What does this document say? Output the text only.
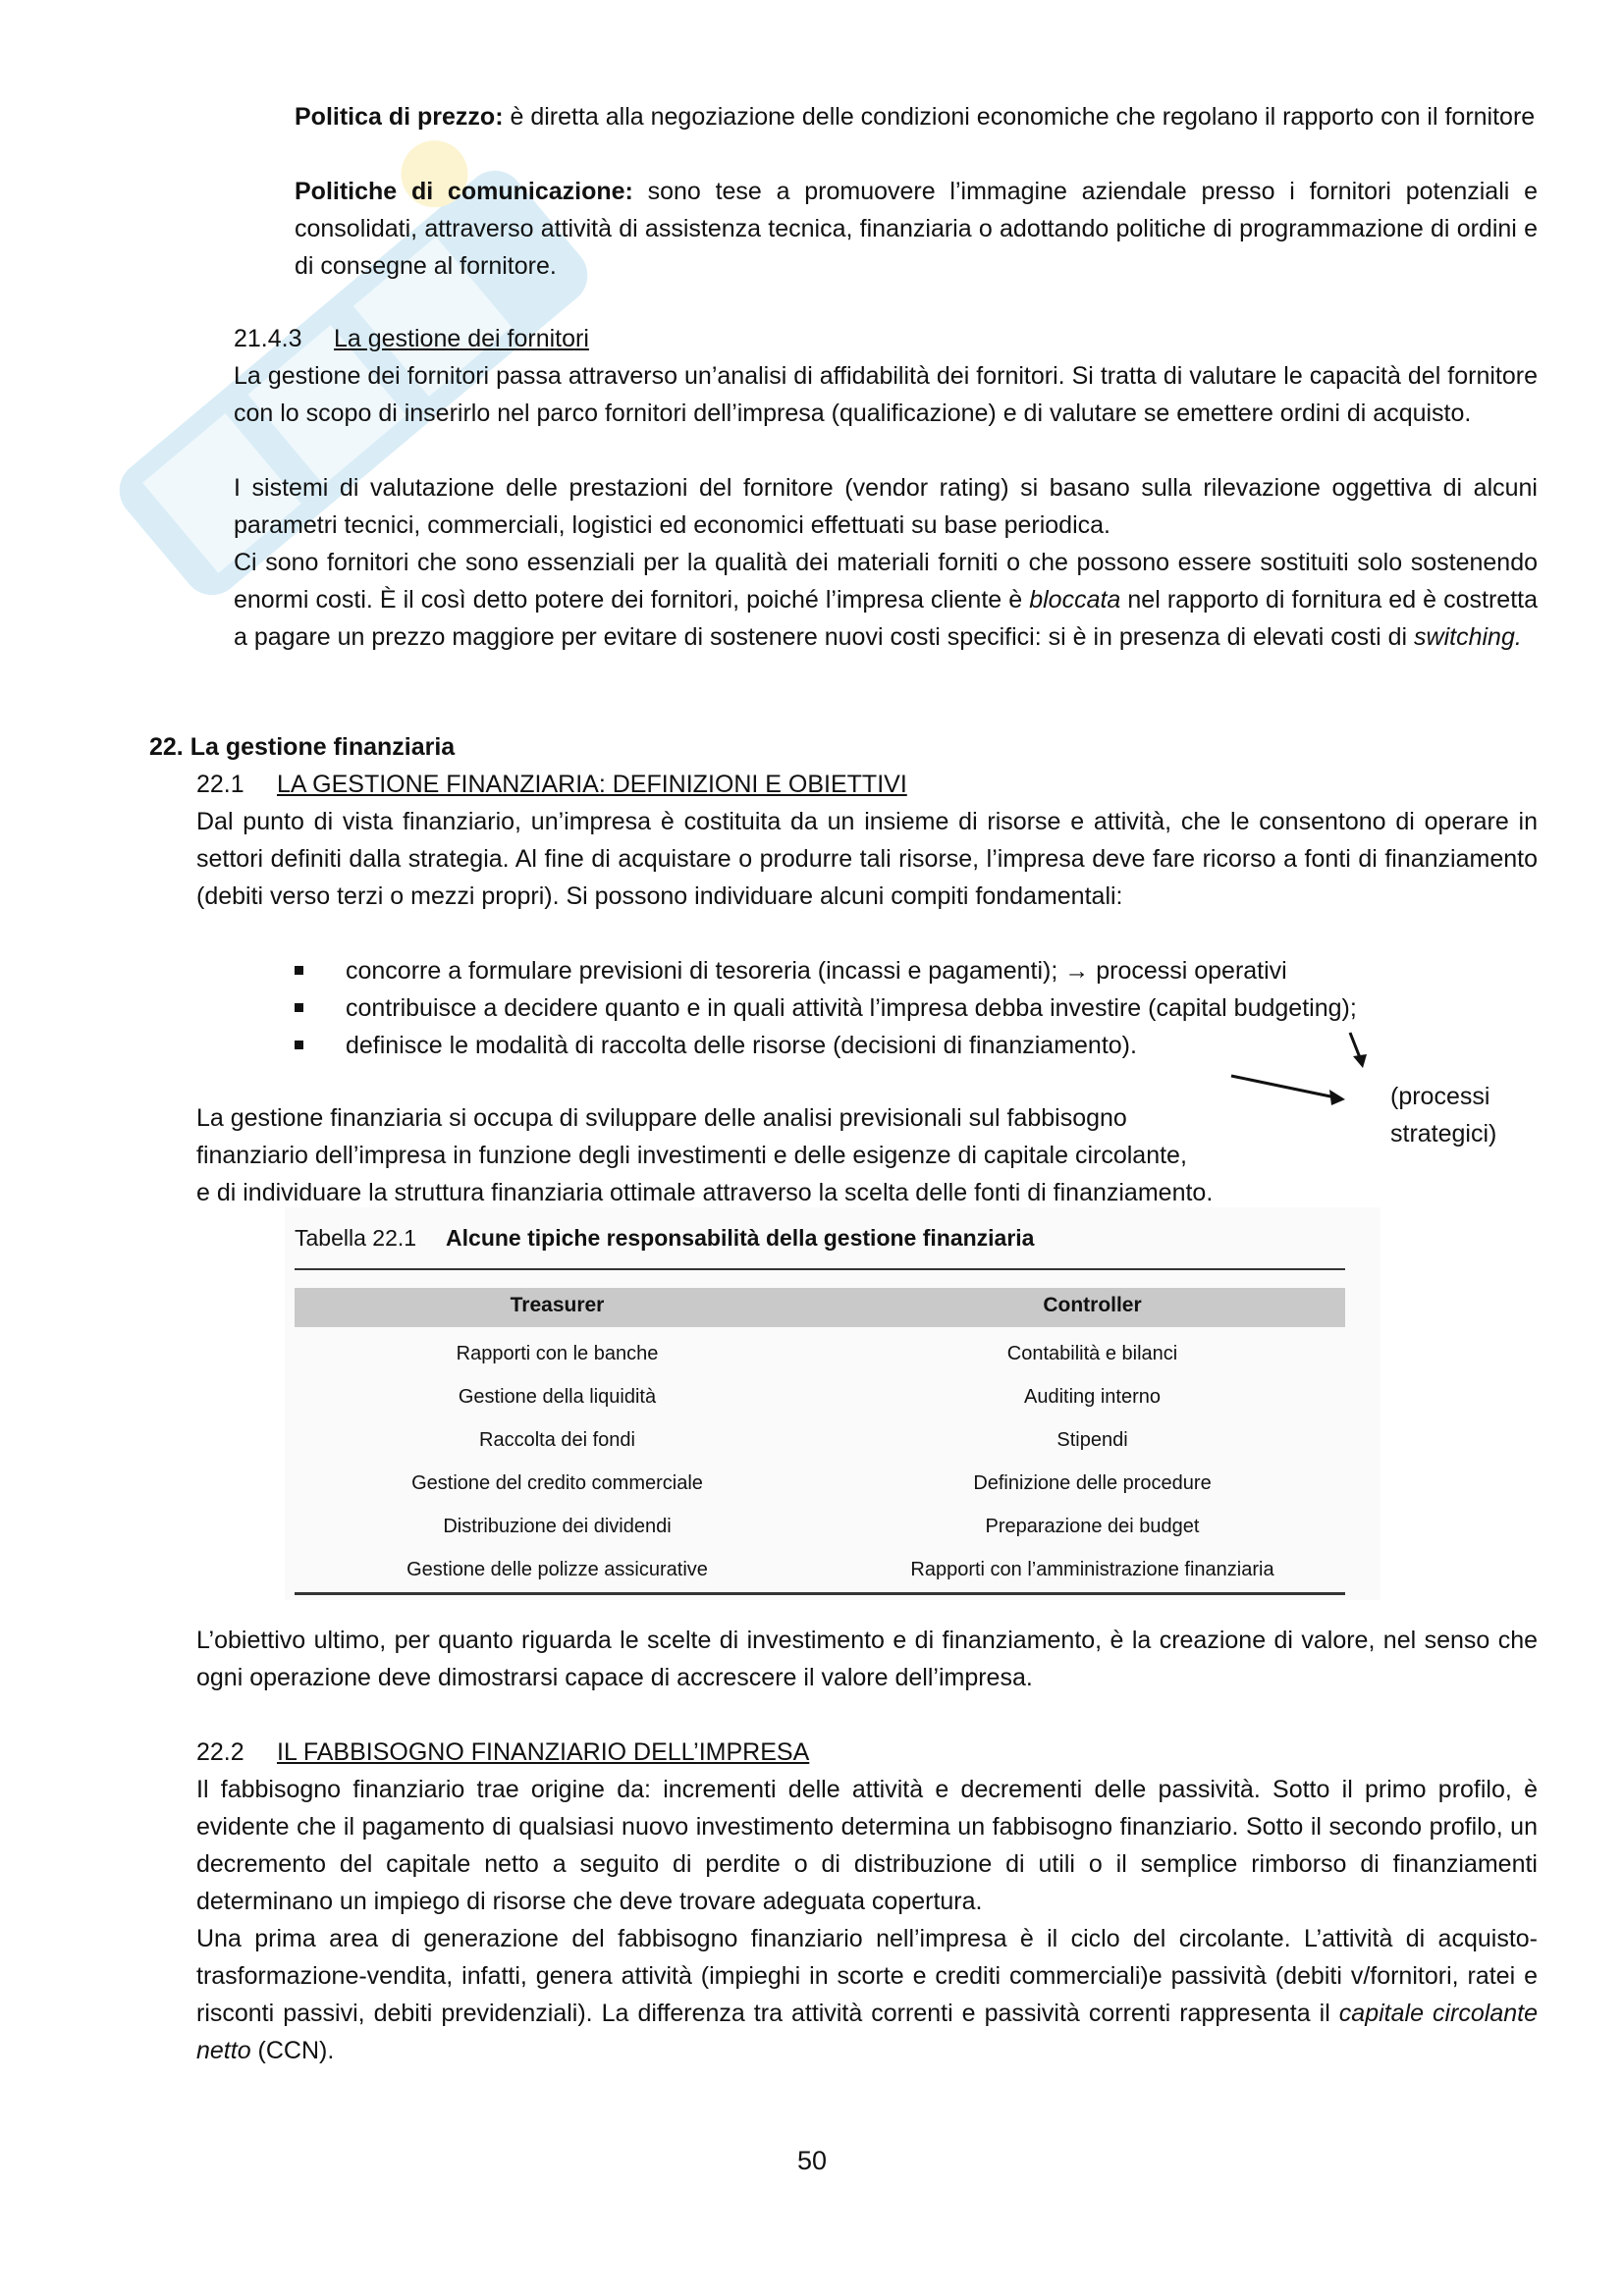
Politica di prezzo: è diretta alla negoziazione delle condizioni economiche che regolano il rapporto con il fornitore
Politiche di comunicazione: sono tese a promuovere l’immagine aziendale presso i fornitori potenziali e consolidati, attraverso attività di assistenza tecnica, finanziaria o adottando politiche di programmazione di ordini e di consegne al fornitore.
21.4.3 La gestione dei fornitori
La gestione dei fornitori passa attraverso un’analisi di affidabilità dei fornitori. Si tratta di valutare le capacità del fornitore con lo scopo di inserirlo nel parco fornitori dell’impresa (qualificazione) e di valutare se emettere ordini di acquisto.
I sistemi di valutazione delle prestazioni del fornitore (vendor rating) si basano sulla rilevazione oggettiva di alcuni parametri tecnici, commerciali, logistici ed economici effettuati su base periodica.
Ci sono fornitori che sono essenziali per la qualità dei materiali forniti o che possono essere sostituiti solo sostenendo enormi costi. È il così detto potere dei fornitori, poiché l’impresa cliente è bloccata nel rapporto di fornitura ed è costretta a pagare un prezzo maggiore per evitare di sostenere nuovi costi specifici: si è in presenza di elevati costi di switching.
22. La gestione finanziaria
22.1 LA GESTIONE FINANZIARIA: DEFINIZIONI E OBIETTIVI
Dal punto di vista finanziario, un’impresa è costituita da un insieme di risorse e attività, che le consentono di operare in settori definiti dalla strategia. Al fine di acquistare o produrre tali risorse, l’impresa deve fare ricorso a fonti di finanziamento (debiti verso terzi o mezzi propri). Si possono individuare alcuni compiti fondamentali:
concorre a formulare previsioni di tesoreria (incassi e pagamenti); → processi operativi
contribuisce a decidere quanto e in quali attività l’impresa debba investire (capital budgeting);
definisce le modalità di raccolta delle risorse (decisioni di finanziamento).
(processi
strategici)
La gestione finanziaria si occupa di sviluppare delle analisi previsionali sul fabbisogno
finanziario dell’impresa in funzione degli investimenti e delle esigenze di capitale circolante,
e di individuare la struttura finanziaria ottimale attraverso la scelta delle fonti di finanziamento.
Tabella 22.1 Alcune tipiche responsabilità della gestione finanziaria
Treasurer	Controller
Rapporti con le banche	Contabilità e bilanci
Gestione della liquidità	Auditing interno
Raccolta dei fondi	Stipendi
Gestione del credito commerciale	Definizione delle procedure
Distribuzione dei dividendi	Preparazione dei budget
Gestione delle polizze assicurative	Rapporti con l’amministrazione finanziaria
L’obiettivo ultimo, per quanto riguarda le scelte di investimento e di finanziamento, è la creazione di valore, nel senso che ogni operazione deve dimostrarsi capace di accrescere il valore dell’impresa.
22.2 IL FABBISOGNO FINANZIARIO DELL’IMPRESA
Il fabbisogno finanziario trae origine da: incrementi delle attività e decrementi delle passività. Sotto il primo profilo, è evidente che il pagamento di qualsiasi nuovo investimento determina un fabbisogno finanziario. Sotto il secondo profilo, un decremento del capitale netto a seguito di perdite o di distribuzione di utili o il semplice rimborso di finanziamenti determinano un impiego di risorse che deve trovare adeguata copertura.
Una prima area di generazione del fabbisogno finanziario nell’impresa è il ciclo del circolante. L’attività di acquisto-trasformazione-vendita, infatti, genera attività (impieghi in scorte e crediti commerciali)e passività (debiti v/fornitori, ratei e risconti passivi, debiti previdenziali). La differenza tra attività correnti e passività correnti rappresenta il capitale circolante netto (CCN).
50
